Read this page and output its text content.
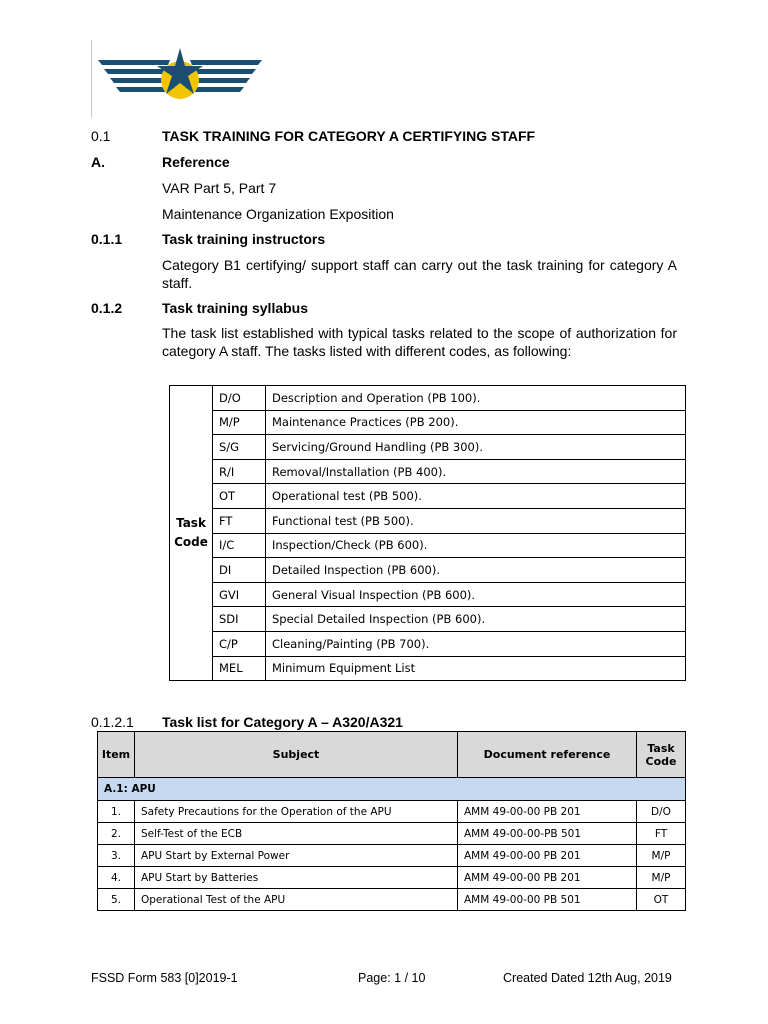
0.1	TASK TRAINING FOR CATEGORY A CERTIFYING STAFF
A.	Reference
VAR Part 5, Part 7
Maintenance Organization Exposition
0.1.1	Task training instructors
Category B1 certifying/ support staff can carry out the task training for category A staff.
0.1.2	Task training syllabus
The task list established with typical tasks related to the scope of authorization for category A staff. The tasks listed with different codes, as following:
Task
Code	D/O	Description and Operation (PB 100).
	M/P	Maintenance Practices (PB 200).
	S/G	Servicing/Ground Handling (PB 300).
	R/I	Removal/Installation (PB 400).
	OT	Operational test (PB 500).
	FT	Functional test (PB 500).
	I/C	Inspection/Check (PB 600).
	DI	Detailed Inspection (PB 600).
	GVI	General Visual Inspection (PB 600).
	SDI	Special Detailed Inspection (PB 600).
	C/P	Cleaning/Painting (PB 700).
	MEL	Minimum Equipment List
0.1.2.1 Task list for Category A – A320/A321
Item	Subject	Document reference	Task
Code
A.1: APU			
1.	Safety Precautions for the Operation of the APU	AMM 49-00-00 PB 201	D/O
2.	Self-Test of the ECB	AMM 49-00-00-PB 501	FT
3.	APU Start by External Power	AMM 49-00-00 PB 201	M/P
4.	APU Start by Batteries	AMM 49-00-00 PB 201	M/P
5.	Operational Test of the APU	AMM 49-00-00 PB 501	OT
FSSD Form 583 [0]2019-1	Page: 1 / 10	Created Dated 12th Aug, 2019
